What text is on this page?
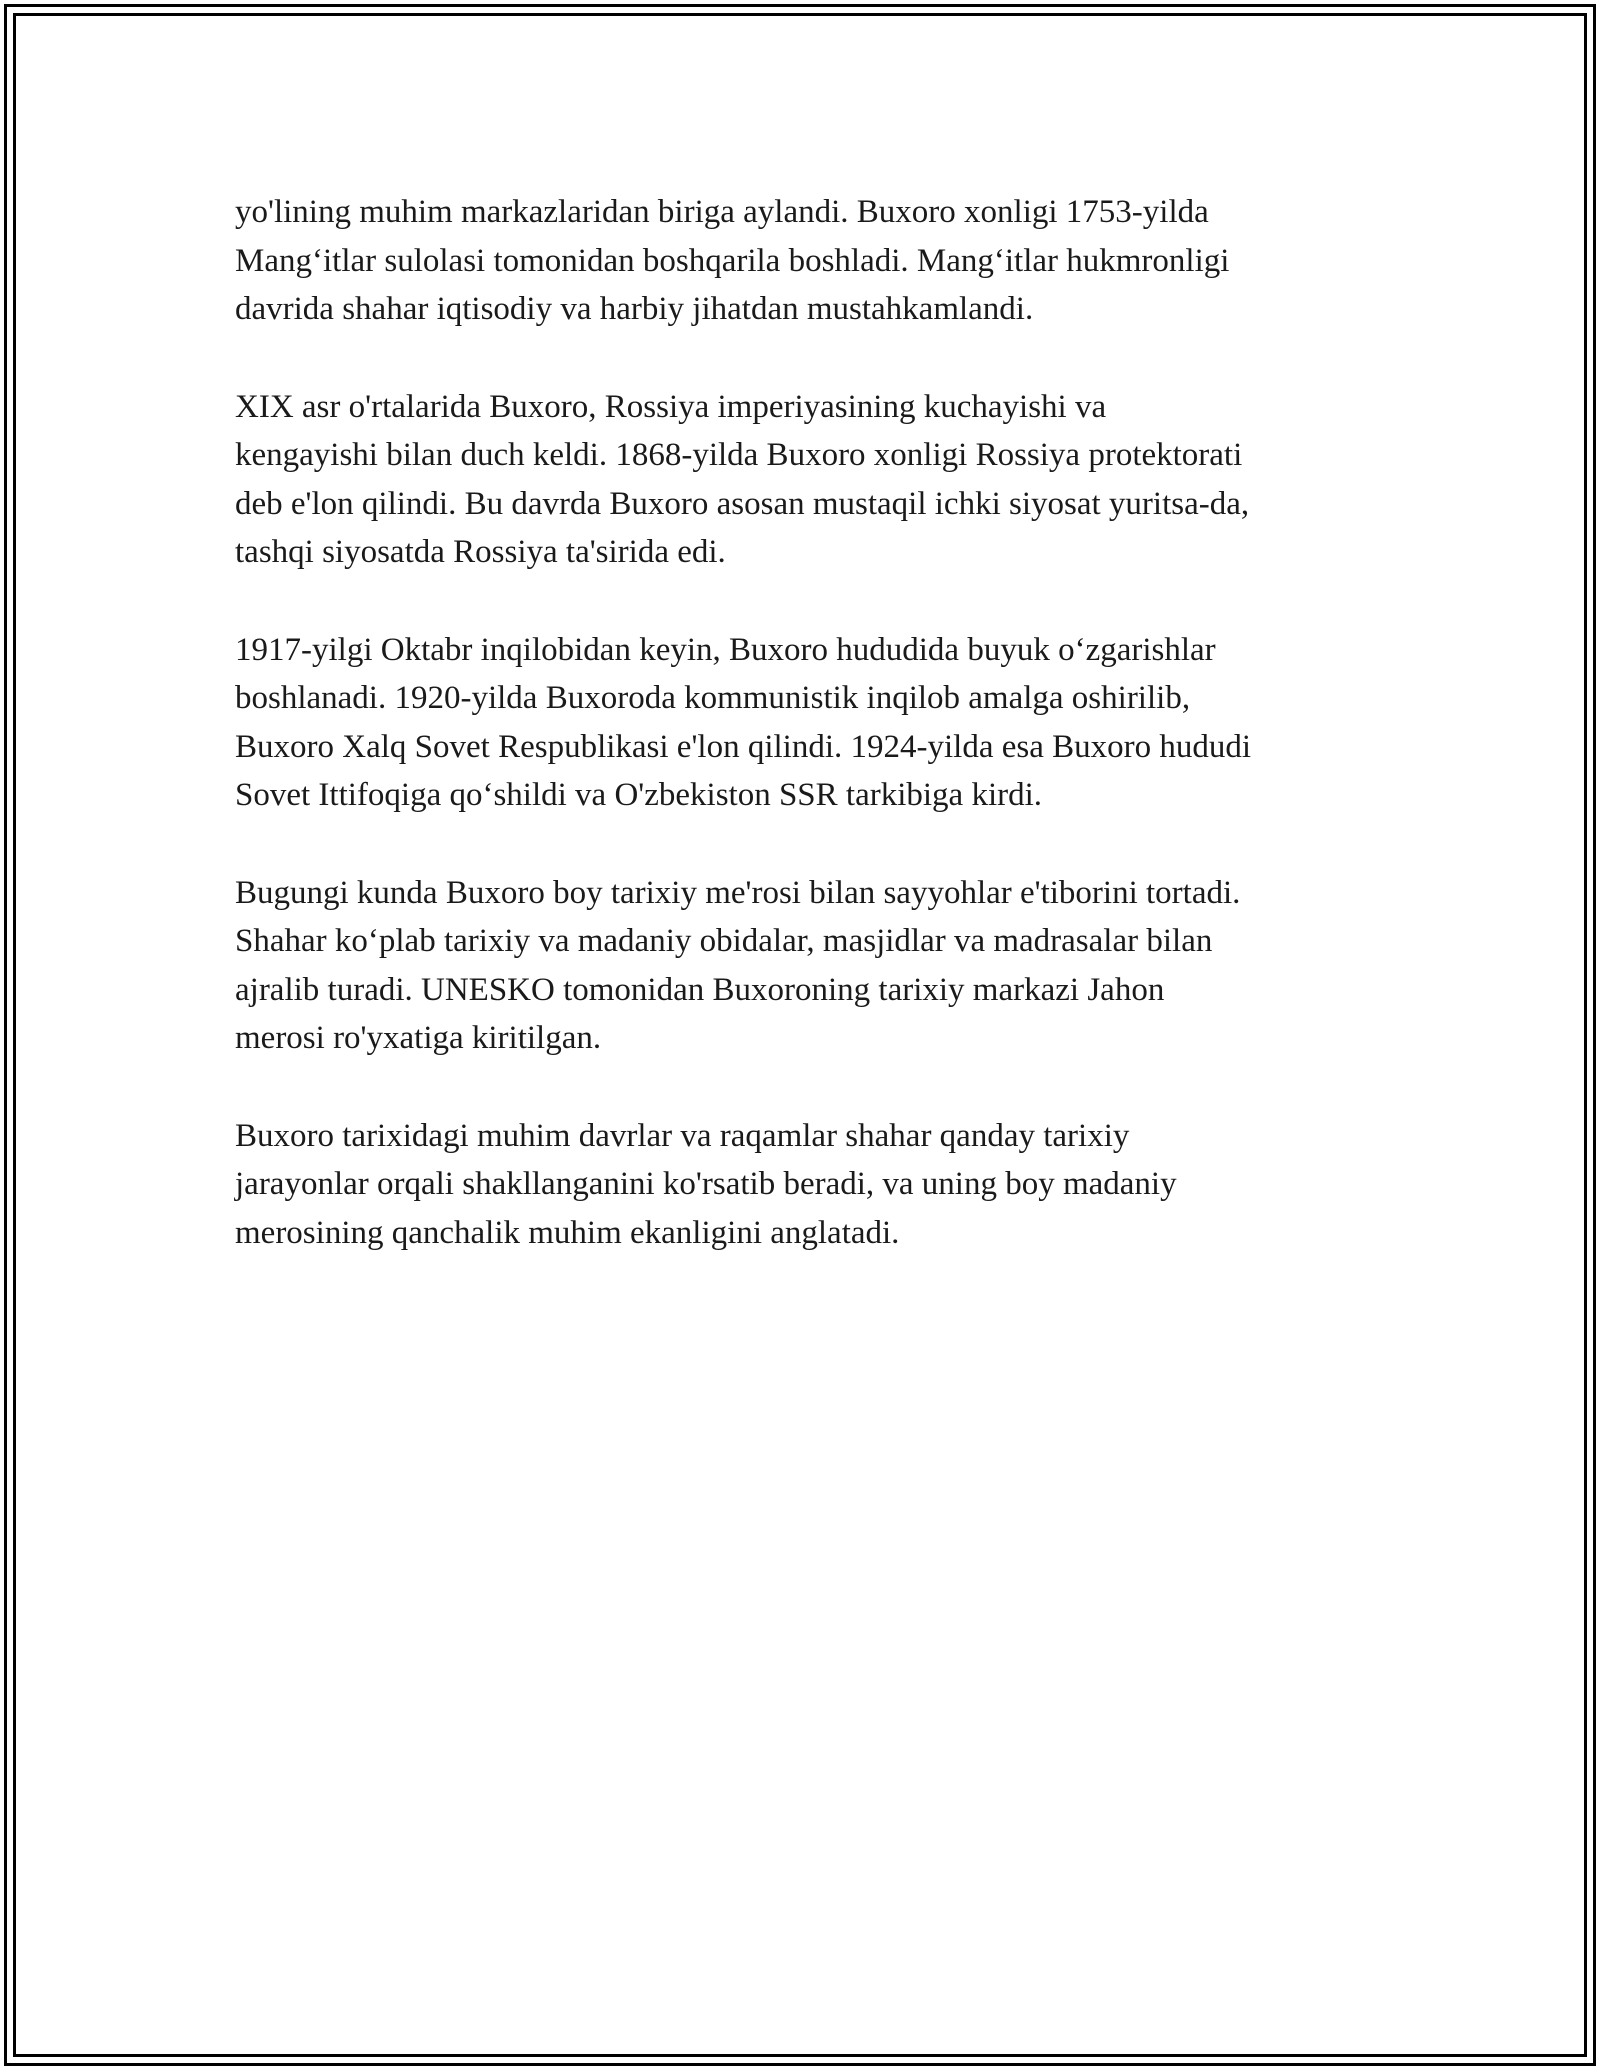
yo'lining muhim markazlaridan biriga aylandi. Buxoro xonligi 1753-yilda
Mang‘itlar sulolasi tomonidan boshqarila boshladi. Mang‘itlar hukmronligi
davrida shahar iqtisodiy va harbiy jihatdan mustahkamlandi.

XIX asr o'rtalarida Buxoro, Rossiya imperiyasining kuchayishi va
kengayishi bilan duch keldi. 1868-yilda Buxoro xonligi Rossiya protektorati
deb e'lon qilindi. Bu davrda Buxoro asosan mustaqil ichki siyosat yuritsa-da,
tashqi siyosatda Rossiya ta'sirida edi.

1917-yilgi Oktabr inqilobidan keyin, Buxoro hududida buyuk o‘zgarishlar
boshlanadi. 1920-yilda Buxoroda kommunistik inqilob amalga oshirilib,
Buxoro Xalq Sovet Respublikasi e'lon qilindi. 1924-yilda esa Buxoro hududi
Sovet Ittifoqiga qo‘shildi va O'zbekiston SSR tarkibiga kirdi.

Bugungi kunda Buxoro boy tarixiy me'rosi bilan sayyohlar e'tiborini tortadi.
Shahar ko‘plab tarixiy va madaniy obidalar, masjidlar va madrasalar bilan
ajralib turadi. UNESKO tomonidan Buxoroning tarixiy markazi Jahon
merosi ro'yxatiga kiritilgan.

Buxoro tarixidagi muhim davrlar va raqamlar shahar qanday tarixiy
jarayonlar orqali shakllanganini ko'rsatib beradi, va uning boy madaniy
merosining qanchalik muhim ekanligini anglatadi.
